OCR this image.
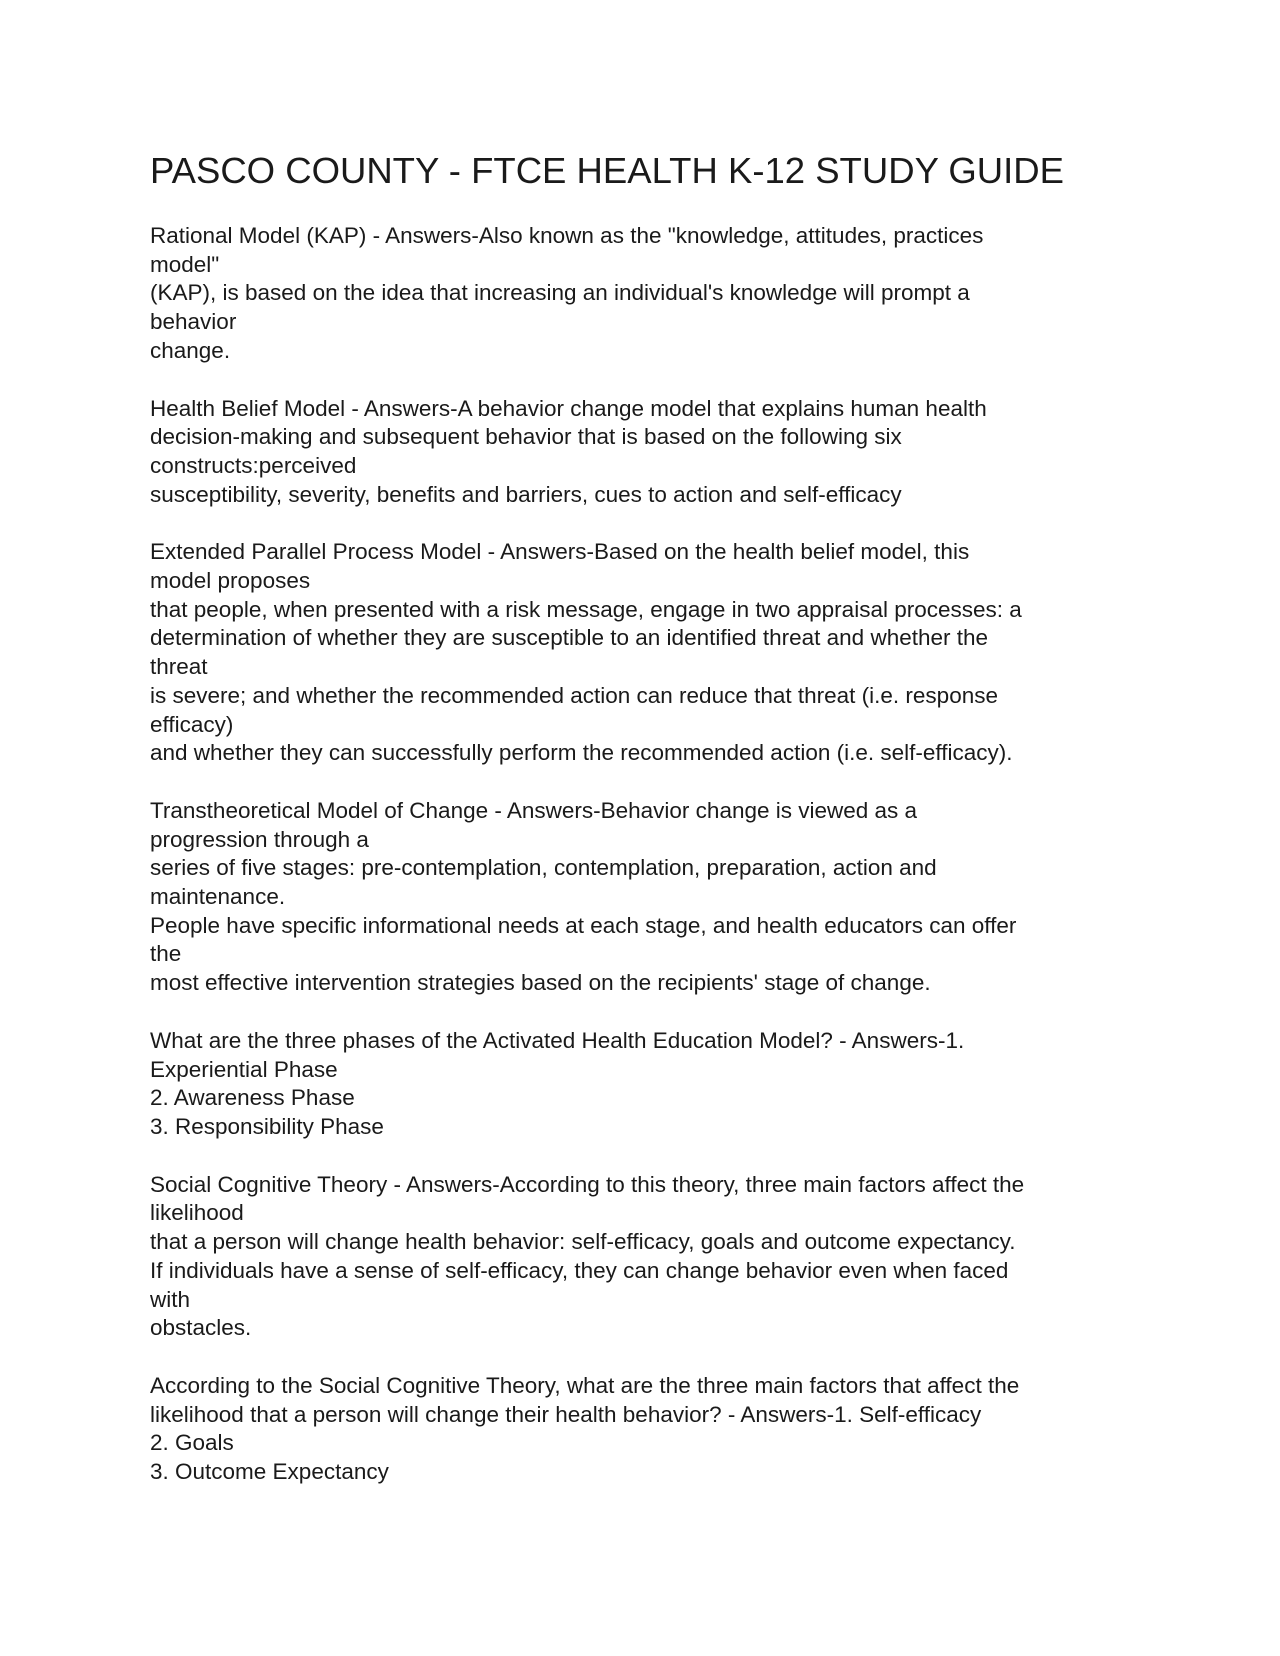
PASCO COUNTY - FTCE HEALTH K-12 STUDY GUIDE
Rational Model (KAP) - Answers-Also known as the "knowledge, attitudes, practices
model"
(KAP), is based on the idea that increasing an individual's knowledge will prompt a
behavior
change.
Health Belief Model - Answers-A behavior change model that explains human health
decision-making and subsequent behavior that is based on the following six
constructs:perceived
susceptibility, severity, benefits and barriers, cues to action and self-efficacy
Extended Parallel Process Model - Answers-Based on the health belief model, this
model proposes
that people, when presented with a risk message, engage in two appraisal processes: a
determination of whether they are susceptible to an identified threat and whether the
threat
is severe; and whether the recommended action can reduce that threat (i.e. response
efficacy)
and whether they can successfully perform the recommended action (i.e. self-efficacy).
Transtheoretical Model of Change - Answers-Behavior change is viewed as a
progression through a
series of five stages: pre-contemplation, contemplation, preparation, action and
maintenance.
People have specific informational needs at each stage, and health educators can offer
the
most effective intervention strategies based on the recipients' stage of change.
What are the three phases of the Activated Health Education Model? - Answers-1.
Experiential Phase
2. Awareness Phase
3. Responsibility Phase
Social Cognitive Theory - Answers-According to this theory, three main factors affect the
likelihood
that a person will change health behavior: self-efficacy, goals and outcome expectancy.
If individuals have a sense of self-efficacy, they can change behavior even when faced
with
obstacles.
According to the Social Cognitive Theory, what are the three main factors that affect the
likelihood that a person will change their health behavior? - Answers-1. Self-efficacy
2. Goals
3. Outcome Expectancy
